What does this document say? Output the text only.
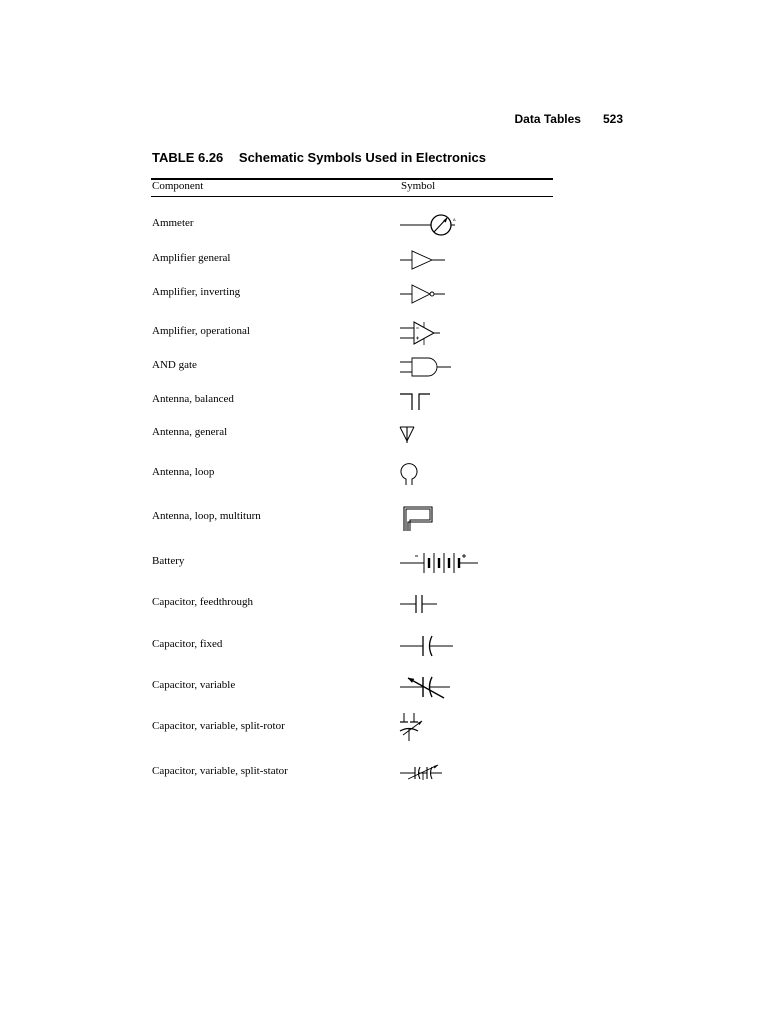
Data Tables 523
TABLE 6.26 Schematic Symbols Used in Electronics
Component	Symbol
Ammeter	A
Amplifier general
Amplifier, inverting
Amplifier, operational
AND gate
Antenna, balanced
Antenna, general
Antenna, loop
Antenna, loop, multiturn
Battery
Capacitor, feedthrough
Capacitor, fixed
Capacitor, variable
Capacitor, variable, split-rotor
Capacitor, variable, split-stator
